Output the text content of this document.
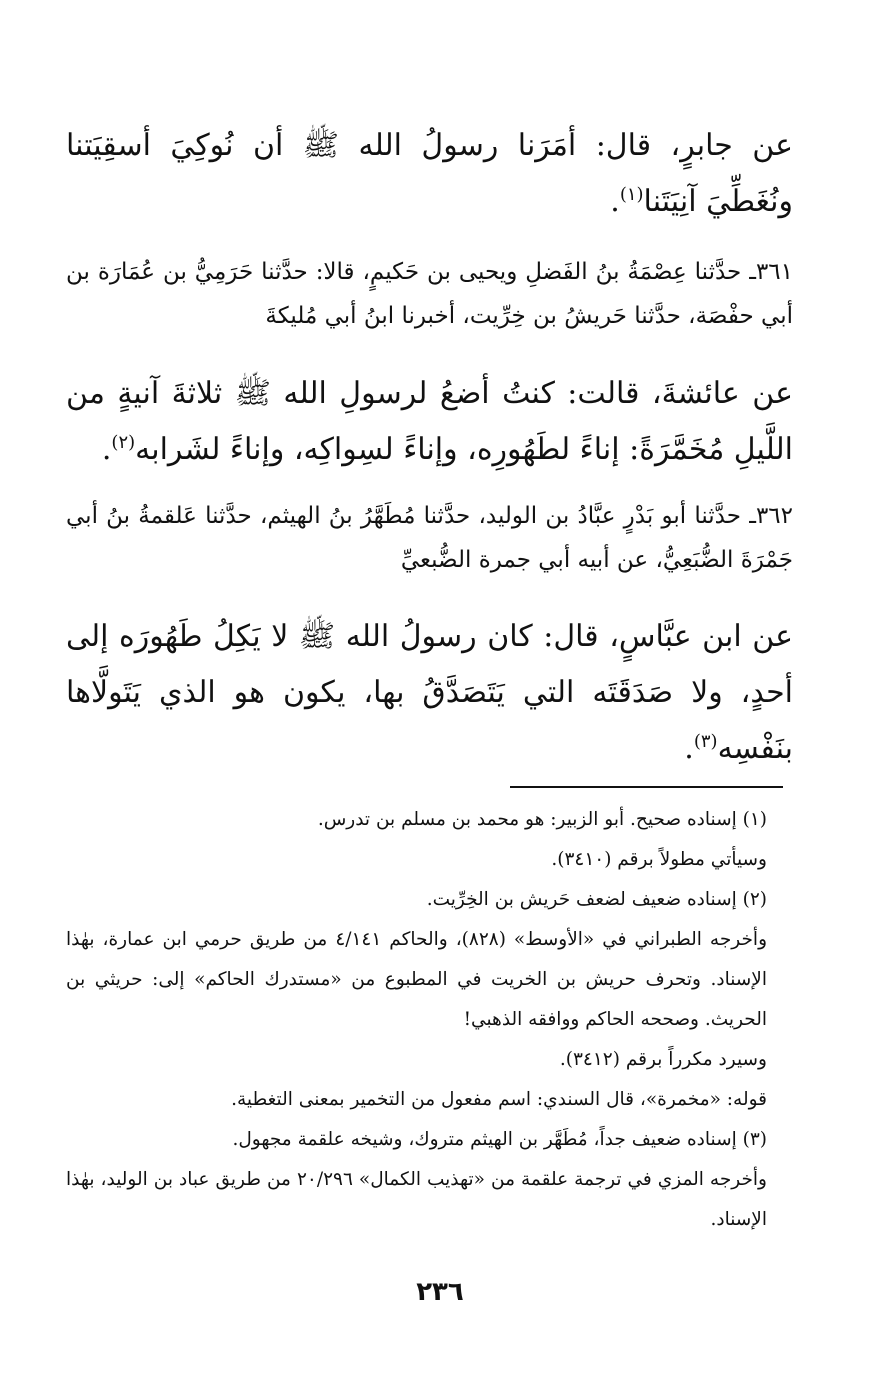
عن جابرٍ، قال: أمَرَنا رسولُ الله ﷺ أن نُوكِيَ أسقِيَتنا ونُغَطِّيَ آنِيَتَنا$^{(١)}$.
٣٦١ـ حدَّثنا عِصْمَةُ بنُ الفَضلِ ويحيى بن حَكيمٍ، قالا: حدَّثنا حَرَمِيُّ بن عُمَارَة بن أبي حفْصَة، حدَّثنا حَريشُ بن خِرِّيت، أخبرنا ابنُ أبي مُليكةَ
عن عائشةَ، قالت: كنتُ أضعُ لرسولِ الله ﷺ ثلاثةَ آنيةٍ من اللَّيلِ مُخَمَّرَةً: إناءً لطَهُورِه، وإناءً لسِواكِه، وإناءً لشَرابه$^{(٢)}$.
٣٦٢ـ حدَّثنا أبو بَدْرٍ عبَّادُ بن الوليد، حدَّثنا مُطَهَّرُ بنُ الهيثم، حدَّثنا عَلقمةُ بنُ أبي جَمْرَةَ الضُّبَعِيُّ، عن أبيه أبي جمرة الضُّبعيِّ
عن ابن عبَّاسٍ، قال: كان رسولُ الله ﷺ لا يَكِلُ طَهُورَه إلى أحدٍ، ولا صَدَقَتَه التي يَتَصَدَّقُ بها، يكون هو الذي يَتَولَّاها بنَفْسِه$^{(٣)}$.

(١) إسناده صحيح. أبو الزبير: هو محمد بن مسلم بن تدرس.

وسيأتي مطولاً برقم (٣٤١٠).

(٢) إسناده ضعيف لضعف حَريش بن الخِرِّيت.

وأخرجه الطبراني في «الأوسط» (٨٢٨)، والحاكم ٤/١٤١ من طريق حرمي ابن عمارة، بهٰذا الإسناد. وتحرف حريش بن الخريت في المطبوع من «مستدرك الحاكم» إلى: حريثي بن الحريث. وصححه الحاكم ووافقه الذهبي!

وسيرد مكرراً برقم (٣٤١٢).

قوله: «مخمرة»، قال السندي: اسم مفعول من التخمير بمعنى التغطية.

(٣) إسناده ضعيف جداً، مُطَهَّر بن الهيثم متروك، وشيخه علقمة مجهول.

وأخرجه المزي في ترجمة علقمة من «تهذيب الكمال» ٢٠/٢٩٦ من طريق عباد بن الوليد، بهٰذا الإسناد.

٢٣٦
